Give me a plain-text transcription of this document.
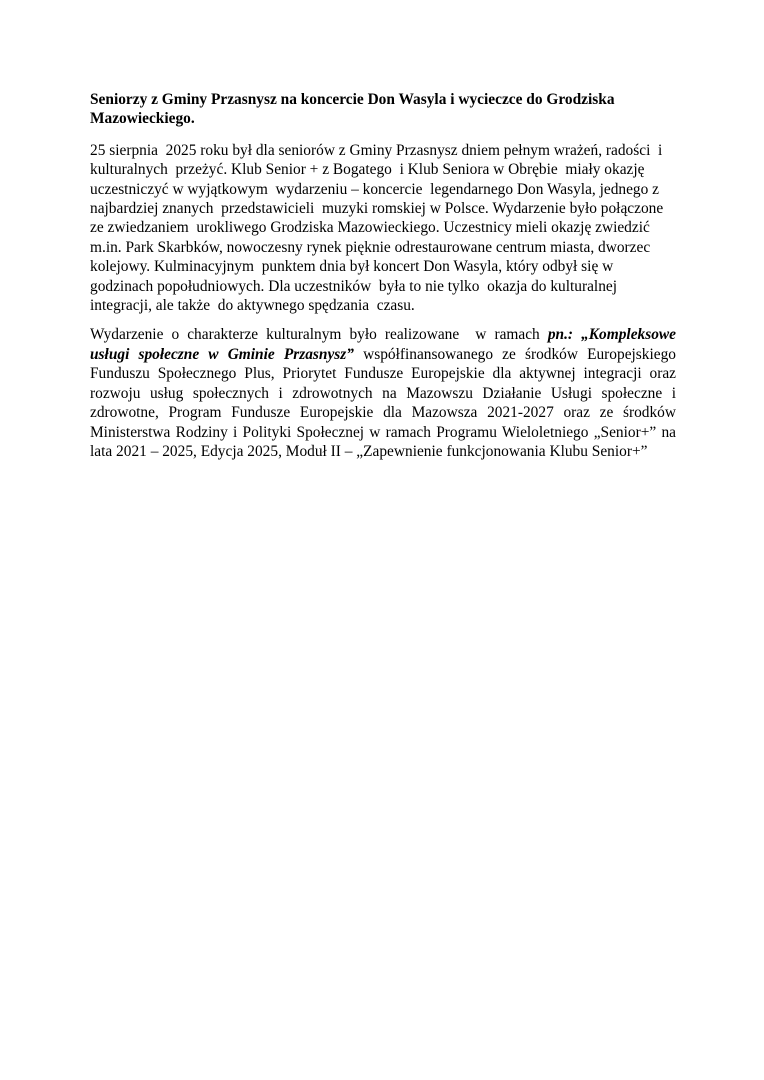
Seniorzy z Gminy Przasnysz na koncercie Don Wasyla i wycieczce do Grodziska Mazowieckiego.

25 sierpnia  2025 roku był dla seniorów z Gminy Przasnysz dniem pełnym wrażeń, radości  i kulturalnych  przeżyć. Klub Senior + z Bogatego  i Klub Seniora w Obrębie  miały okazję uczestniczyć w wyjątkowym  wydarzeniu – koncercie  legendarnego Don Wasyla, jednego z najbardziej znanych  przedstawicieli  muzyki romskiej w Polsce. Wydarzenie było połączone ze zwiedzaniem  urokliwego Grodziska Mazowieckiego. Uczestnicy mieli okazję zwiedzić m.in. Park Skarbków, nowoczesny rynek pięknie odrestaurowane centrum miasta, dworzec kolejowy. Kulminacyjnym  punktem dnia był koncert Don Wasyla, który odbył się w godzinach popołudniowych. Dla uczestników  była to nie tylko  okazja do kulturalnej integracji, ale także  do aktywnego spędzania  czasu.

Wydarzenie o charakterze kulturalnym było realizowane  w ramach pn.: „Kompleksowe usługi społeczne w Gminie Przasnysz” współfinansowanego ze środków Europejskiego Funduszu Społecznego Plus, Priorytet Fundusze Europejskie dla aktywnej integracji oraz rozwoju usług społecznych i zdrowotnych na Mazowszu Działanie Usługi społeczne i zdrowotne, Program Fundusze Europejskie dla Mazowsza 2021-2027 oraz ze środków Ministerstwa Rodziny i Polityki Społecznej w ramach Programu Wieloletniego „Senior+” na lata 2021 – 2025, Edycja 2025, Moduł II – „Zapewnienie funkcjonowania Klubu Senior+”
